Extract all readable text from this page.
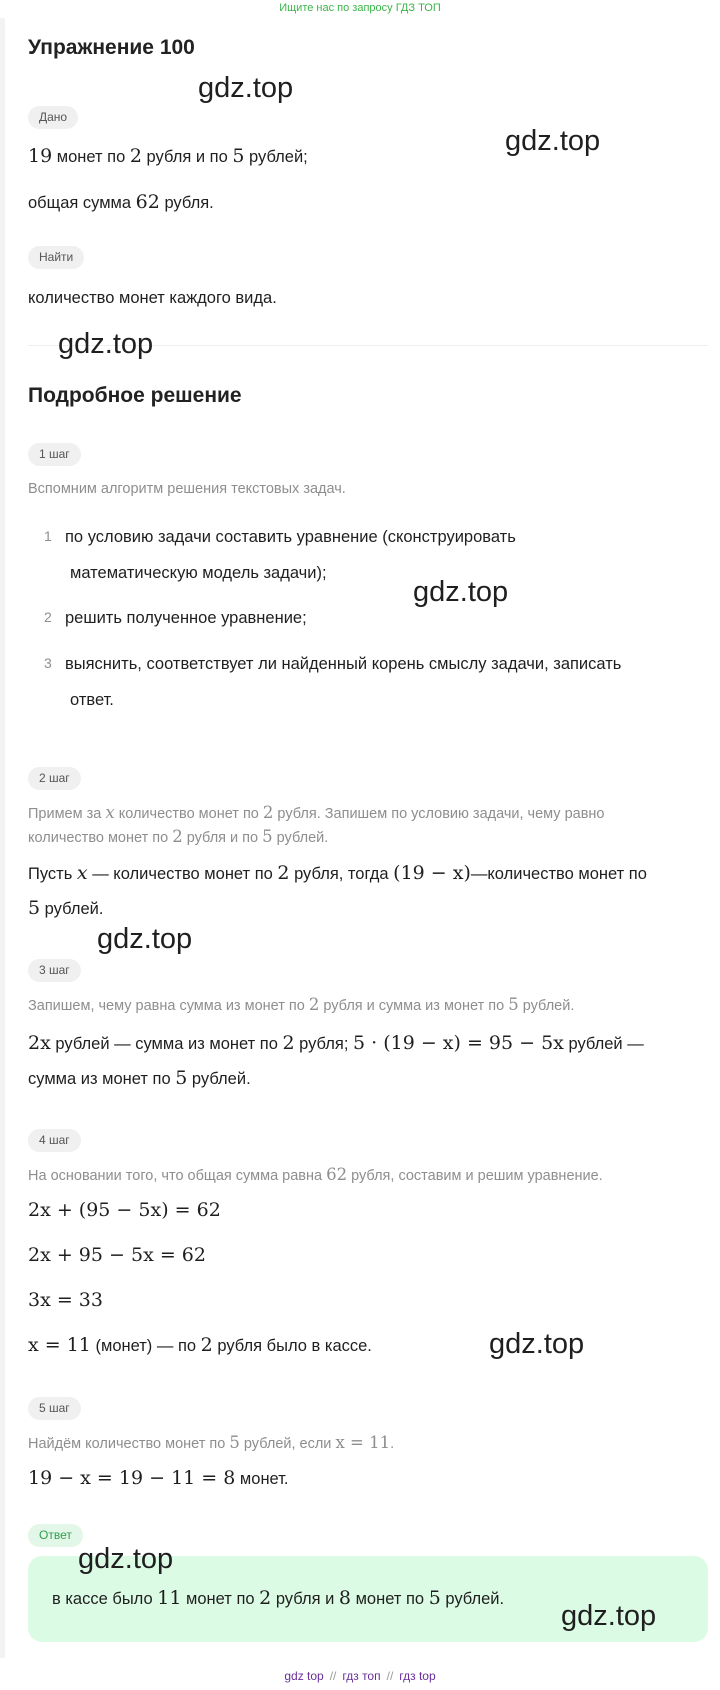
Ищите нас по запросу ГДЗ ТОП
Упражнение 100
Дано
19 монет по 2 рубля и по 5 рублей;
общая сумма 62 рубля.
Найти
количество монет каждого вида.
Подробное решение
1 шаг
Вспомним алгоритм решения текстовых задач.
1 по условию задачи составить уравнение (сконструировать
математическую модель задачи);
2 решить полученное уравнение;
3 выяснить, соответствует ли найденный корень смыслу задачи, записать
ответ.
2 шаг
Примем за x количество монет по 2 рубля. Запишем по условию задачи, чему равно
количество монет по 2 рубля и по 5 рублей.
Пусть x — количество монет по 2 рубля, тогда (19 − x)—количество монет по
5 рублей.
3 шаг
Запишем, чему равна сумма из монет по 2 рубля и сумма из монет по 5 рублей.
2x рублей — сумма из монет по 2 рубля; 5 · (19 − x) = 95 − 5x рублей —
сумма из монет по 5 рублей.
4 шаг
На основании того, что общая сумма равна 62 рубля, составим и решим уравнение.
2x + (95 − 5x) = 62
2x + 95 − 5x = 62
3x = 33
x = 11 (монет) — по 2 рубля было в кассе.
5 шаг
Найдём количество монет по 5 рублей, если x = 11.
19 − x = 19 − 11 = 8 монет.
Ответ
в кассе было 11 монет по 2 рубля и 8 монет по 5 рублей.
gdz.top
gdz.top
gdz.top
gdz.top
gdz.top
gdz.top
gdz.top
gdz.top
gdz top // гдз топ // гдз top
